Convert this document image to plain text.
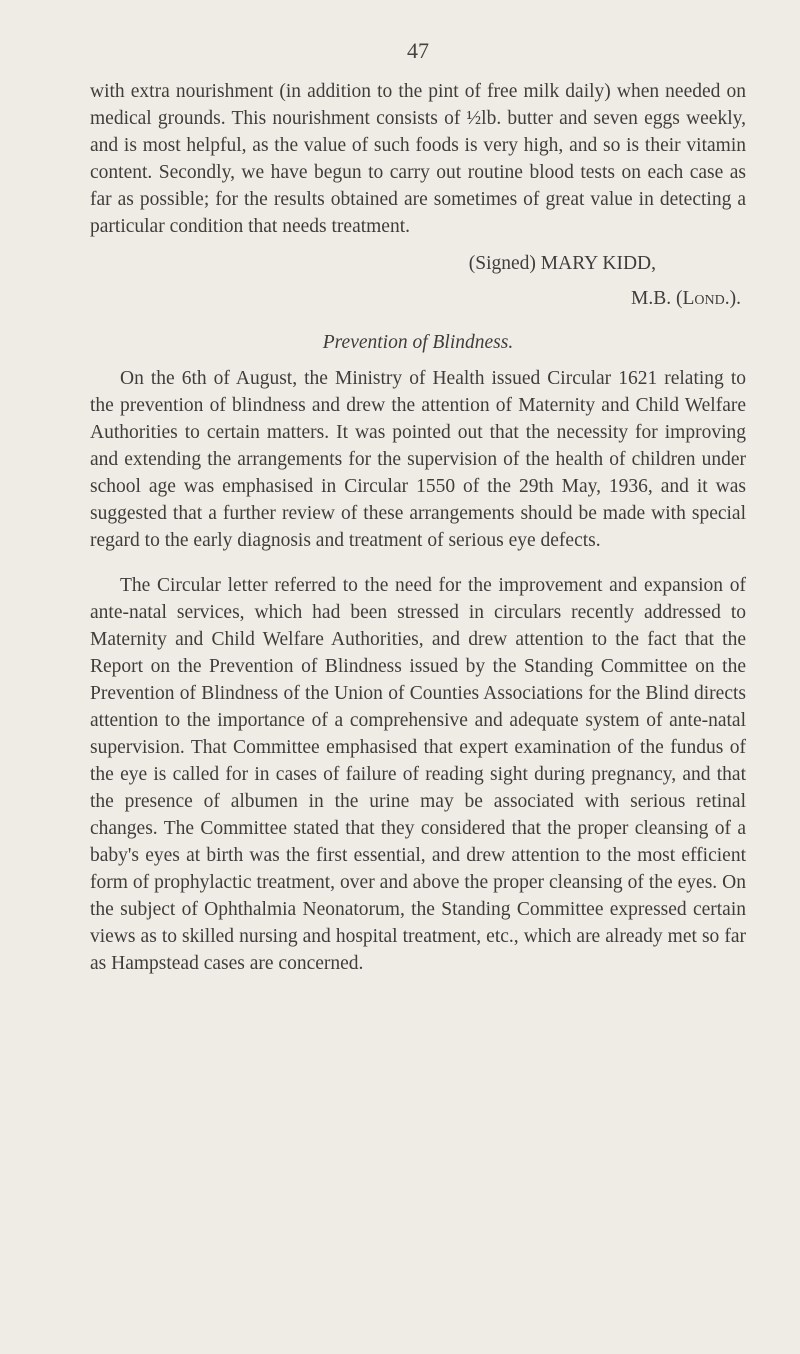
47

with extra nourishment (in addition to the pint of free milk daily) when needed on medical grounds. This nourishment consists of ½lb. butter and seven eggs weekly, and is most helpful, as the value of such foods is very high, and so is their vitamin content. Secondly, we have begun to carry out routine blood tests on each case as far as possible; for the results obtained are sometimes of great value in detecting a particular condition that needs treatment.

(Signed) MARY KIDD,
M.B. (Lond.).
Prevention of Blindness.

On the 6th of August, the Ministry of Health issued Circular 1621 relating to the prevention of blindness and drew the attention of Maternity and Child Welfare Authorities to certain matters. It was pointed out that the necessity for improving and extending the arrangements for the supervision of the health of children under school age was emphasised in Circular 1550 of the 29th May, 1936, and it was suggested that a further review of these arrangements should be made with special regard to the early diagnosis and treatment of serious eye defects.

The Circular letter referred to the need for the improvement and expansion of ante-natal services, which had been stressed in circulars recently addressed to Maternity and Child Welfare Authorities, and drew attention to the fact that the Report on the Prevention of Blindness issued by the Standing Committee on the Prevention of Blindness of the Union of Counties Associations for the Blind directs attention to the importance of a comprehensive and adequate system of ante-natal supervision. That Committee emphasised that expert examination of the fundus of the eye is called for in cases of failure of reading sight during pregnancy, and that the presence of albumen in the urine may be associated with serious retinal changes. The Committee stated that they considered that the proper cleansing of a baby's eyes at birth was the first essential, and drew attention to the most efficient form of prophylactic treatment, over and above the proper cleansing of the eyes. On the subject of Ophthalmia Neonatorum, the Standing Committee expressed certain views as to skilled nursing and hospital treatment, etc., which are already met so far as Hampstead cases are concerned.
